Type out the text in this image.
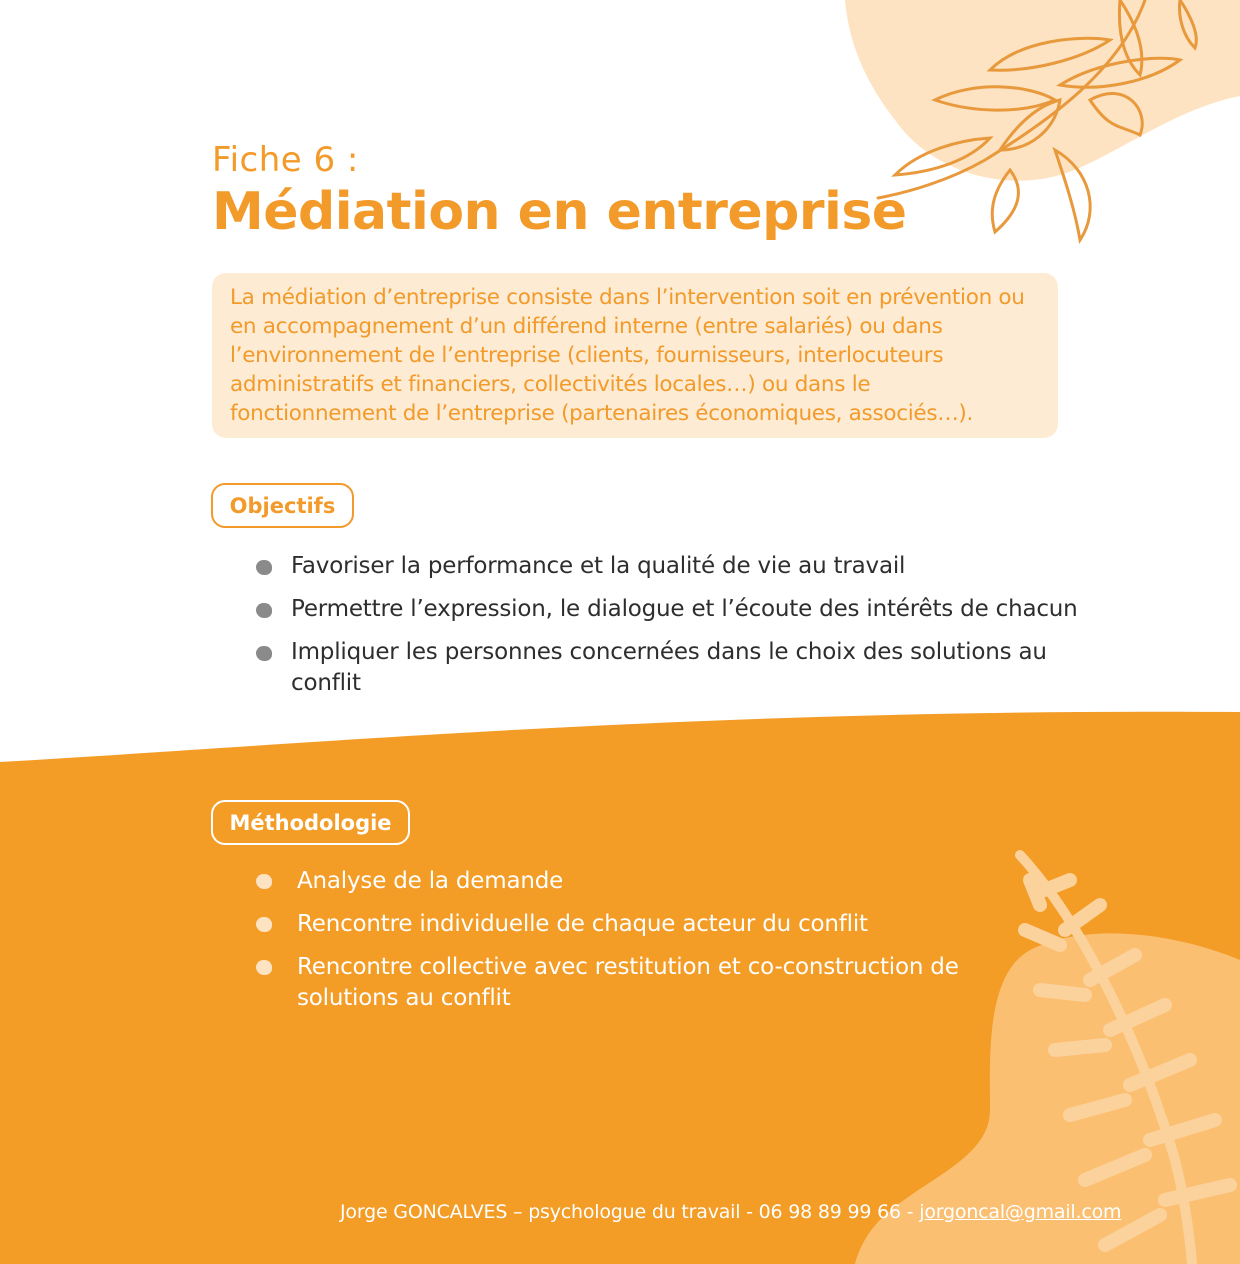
Fiche 6 :
Médiation en entreprise

La médiation d’entreprise consiste dans l’intervention soit en prévention ou en accompagnement d’un différend interne (entre salariés) ou dans l’environnement de l’entreprise (clients, fournisseurs, interlocuteurs administratifs et financiers, collectivités locales…) ou dans le fonctionnement de l’entreprise (partenaires économiques, associés…).

Objectifs
Favoriser la performance et la qualité de vie au travail
Permettre l’expression, le dialogue et l’écoute des intérêts de chacun
Impliquer les personnes concernées dans le choix des solutions au conflit
Méthodologie
Analyse de la demande
Rencontre individuelle de chaque acteur du conflit
Rencontre collective avec restitution et co-construction de solutions au conflit
Jorge GONCALVES – psychologue du travail - 06 98 89 99 66 - jorgoncal@gmail.com
